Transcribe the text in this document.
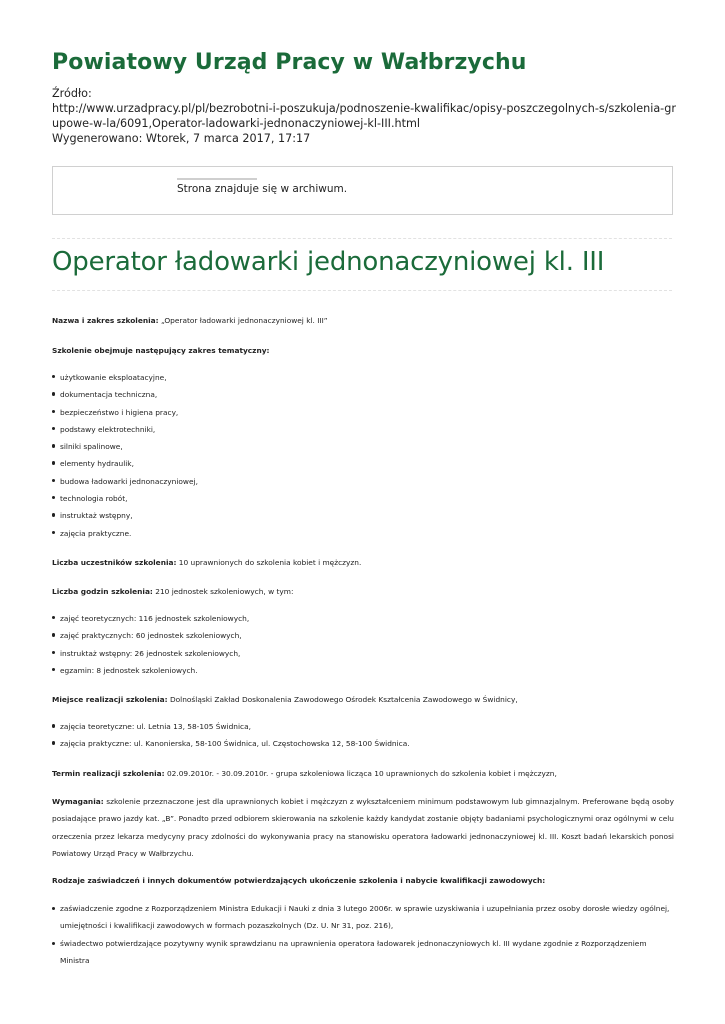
Powiatowy Urząd Pracy w Wałbrzychu
Źródło:
http://www.urzadpracy.pl/pl/bezrobotni-i-poszukuja/podnoszenie-kwalifikac/opisy-poszczegolnych-s/szkolenia-grupowe-w-la/6091,Operator-ladowarki-jednonaczyniowej-kl-III.html
Wygenerowano: Wtorek, 7 marca 2017, 17:17
Strona znajduje się w archiwum.
Operator ładowarki jednonaczyniowej kl. III

Nazwa i zakres szkolenia: „Operator ładowarki jednonaczyniowej kl. III”

Szkolenie obejmuje następujący zakres tematyczny:

użytkowanie eksploatacyjne,
dokumentacja techniczna,
bezpieczeństwo i higiena pracy,
podstawy elektrotechniki,
silniki spalinowe,
elementy hydraulik,
budowa ładowarki jednonaczyniowej,
technologia robót,
instruktaż wstępny,
zajęcia praktyczne.

Liczba uczestników szkolenia: 10 uprawnionych do szkolenia kobiet i mężczyzn.

Liczba godzin szkolenia: 210 jednostek szkoleniowych, w tym:

zajęć teoretycznych: 116 jednostek szkoleniowych,
zajęć praktycznych: 60 jednostek szkoleniowych,
instruktaż wstępny: 26 jednostek szkoleniowych,
egzamin: 8 jednostek szkoleniowych.

Miejsce realizacji szkolenia: Dolnośląski Zakład Doskonalenia Zawodowego Ośrodek Kształcenia Zawodowego w Świdnicy,

zajęcia teoretyczne: ul. Letnia 13, 58-105 Świdnica,
zajęcia praktyczne: ul. Kanonierska, 58-100 Świdnica, ul. Częstochowska 12, 58-100 Świdnica.

Termin realizacji szkolenia: 02.09.2010r. - 30.09.2010r. - grupa szkoleniowa licząca 10 uprawnionych do szkolenia kobiet i mężczyzn,

Wymagania: szkolenie przeznaczone jest dla uprawnionych kobiet i mężczyzn z wykształceniem minimum podstawowym lub gimnazjalnym. Preferowane będą osoby posiadające prawo jazdy kat. „B”. Ponadto przed odbiorem skierowania na szkolenie każdy kandydat zostanie objęty badaniami psychologicznymi oraz ogólnymi w celu orzeczenia przez lekarza medycyny pracy zdolności do wykonywania pracy na stanowisku operatora ładowarki jednonaczyniowej kl. III. Koszt badań lekarskich ponosi Powiatowy Urząd Pracy w Wałbrzychu.

Rodzaje zaświadczeń i innych dokumentów potwierdzających ukończenie szkolenia i nabycie kwalifikacji zawodowych:

zaświadczenie zgodne z Rozporządzeniem Ministra Edukacji i Nauki z dnia 3 lutego 2006r. w sprawie uzyskiwania i uzupełniania przez osoby dorosłe wiedzy ogólnej, umiejętności i kwalifikacji zawodowych w formach pozaszkolnych (Dz. U. Nr 31, poz. 216),
świadectwo potwierdzające pozytywny wynik sprawdzianu na uprawnienia operatora ładowarek jednonaczyniowych kl. III wydane zgodnie z Rozporządzeniem Ministra
